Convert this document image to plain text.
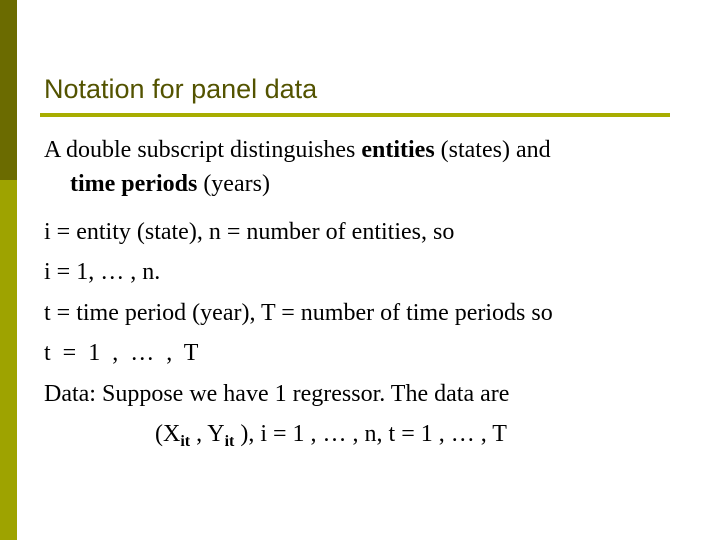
Notation for panel data
A double subscript distinguishes entities (states) and
time periods (years)
i = entity (state), n = number of entities, so
i = 1, … , n.
t = time period (year), T = number of time periods so
t = 1 , … , T
Data: Suppose we have 1 regressor. The data are
($X_{it}$ , $Y_{it}$ ), i = 1 , … , n, t = 1 , … , T
